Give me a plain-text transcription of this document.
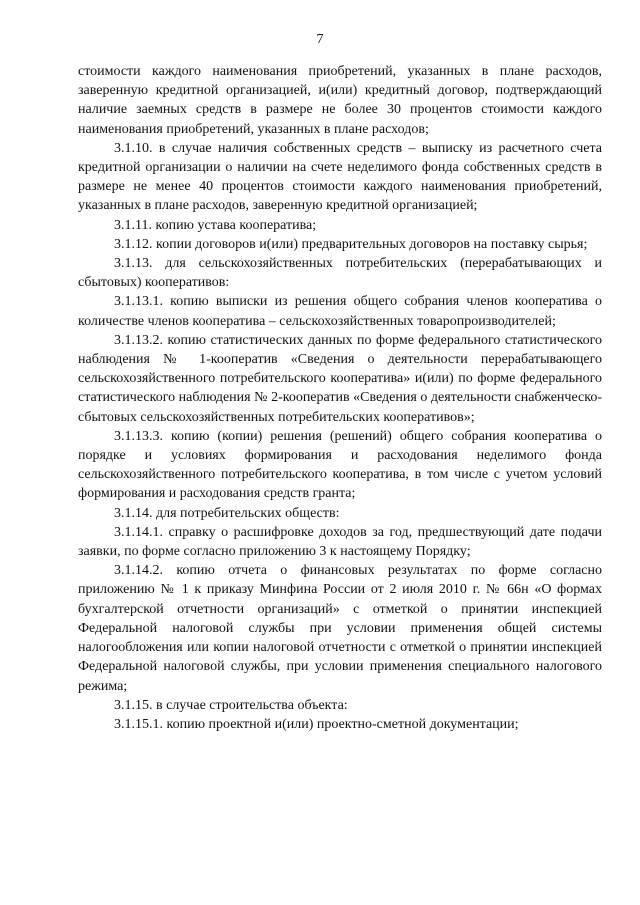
7

стоимости каждого наименования приобретений, указанных в плане расходов, заверенную кредитной организацией, и(или) кредитный договор, подтверждающий наличие заемных средств в размере не более 30 процентов стоимости каждого наименования приобретений, указанных в плане расходов;

3.1.10. в случае наличия собственных средств – выписку из расчетного счета кредитной организации о наличии на счете неделимого фонда собственных средств в размере не менее 40 процентов стоимости каждого наименования приобретений, указанных в плане расходов, заверенную кредитной организацией;

3.1.11. копию устава кооператива;

3.1.12. копии договоров и(или) предварительных договоров на поставку сырья;

3.1.13. для сельскохозяйственных потребительских (перерабатывающих и сбытовых) кооперативов:

3.1.13.1. копию выписки из решения общего собрания членов кооператива о количестве членов кооператива – сельскохозяйственных товаропроизводителей;

3.1.13.2. копию статистических данных по форме федерального статистического наблюдения № 1-кооператив «Сведения о деятельности перерабатывающего сельскохозяйственного потребительского кооператива» и(или) по форме федерального статистического наблюдения № 2-кооператив «Сведения о деятельности снабженческо-сбытовых сельскохозяйственных потребительских кооперативов»;

3.1.13.3. копию (копии) решения (решений) общего собрания кооператива о порядке и условиях формирования и расходования неделимого фонда сельскохозяйственного потребительского кооператива, в том числе с учетом условий формирования и расходования средств гранта;

3.1.14. для потребительских обществ:

3.1.14.1. справку о расшифровке доходов за год, предшествующий дате подачи заявки, по форме согласно приложению 3 к настоящему Порядку;

3.1.14.2. копию отчета о финансовых результатах по форме согласно приложению № 1 к приказу Минфина России от 2 июля 2010 г. № 66н «О формах бухгалтерской отчетности организаций» с отметкой о принятии инспекцией Федеральной налоговой службы при условии применения общей системы налогообложения или копии налоговой отчетности с отметкой о принятии инспекцией Федеральной налоговой службы, при условии применения специального налогового режима;

3.1.15. в случае строительства объекта:

3.1.15.1. копию проектной и(или) проектно-сметной документации;
